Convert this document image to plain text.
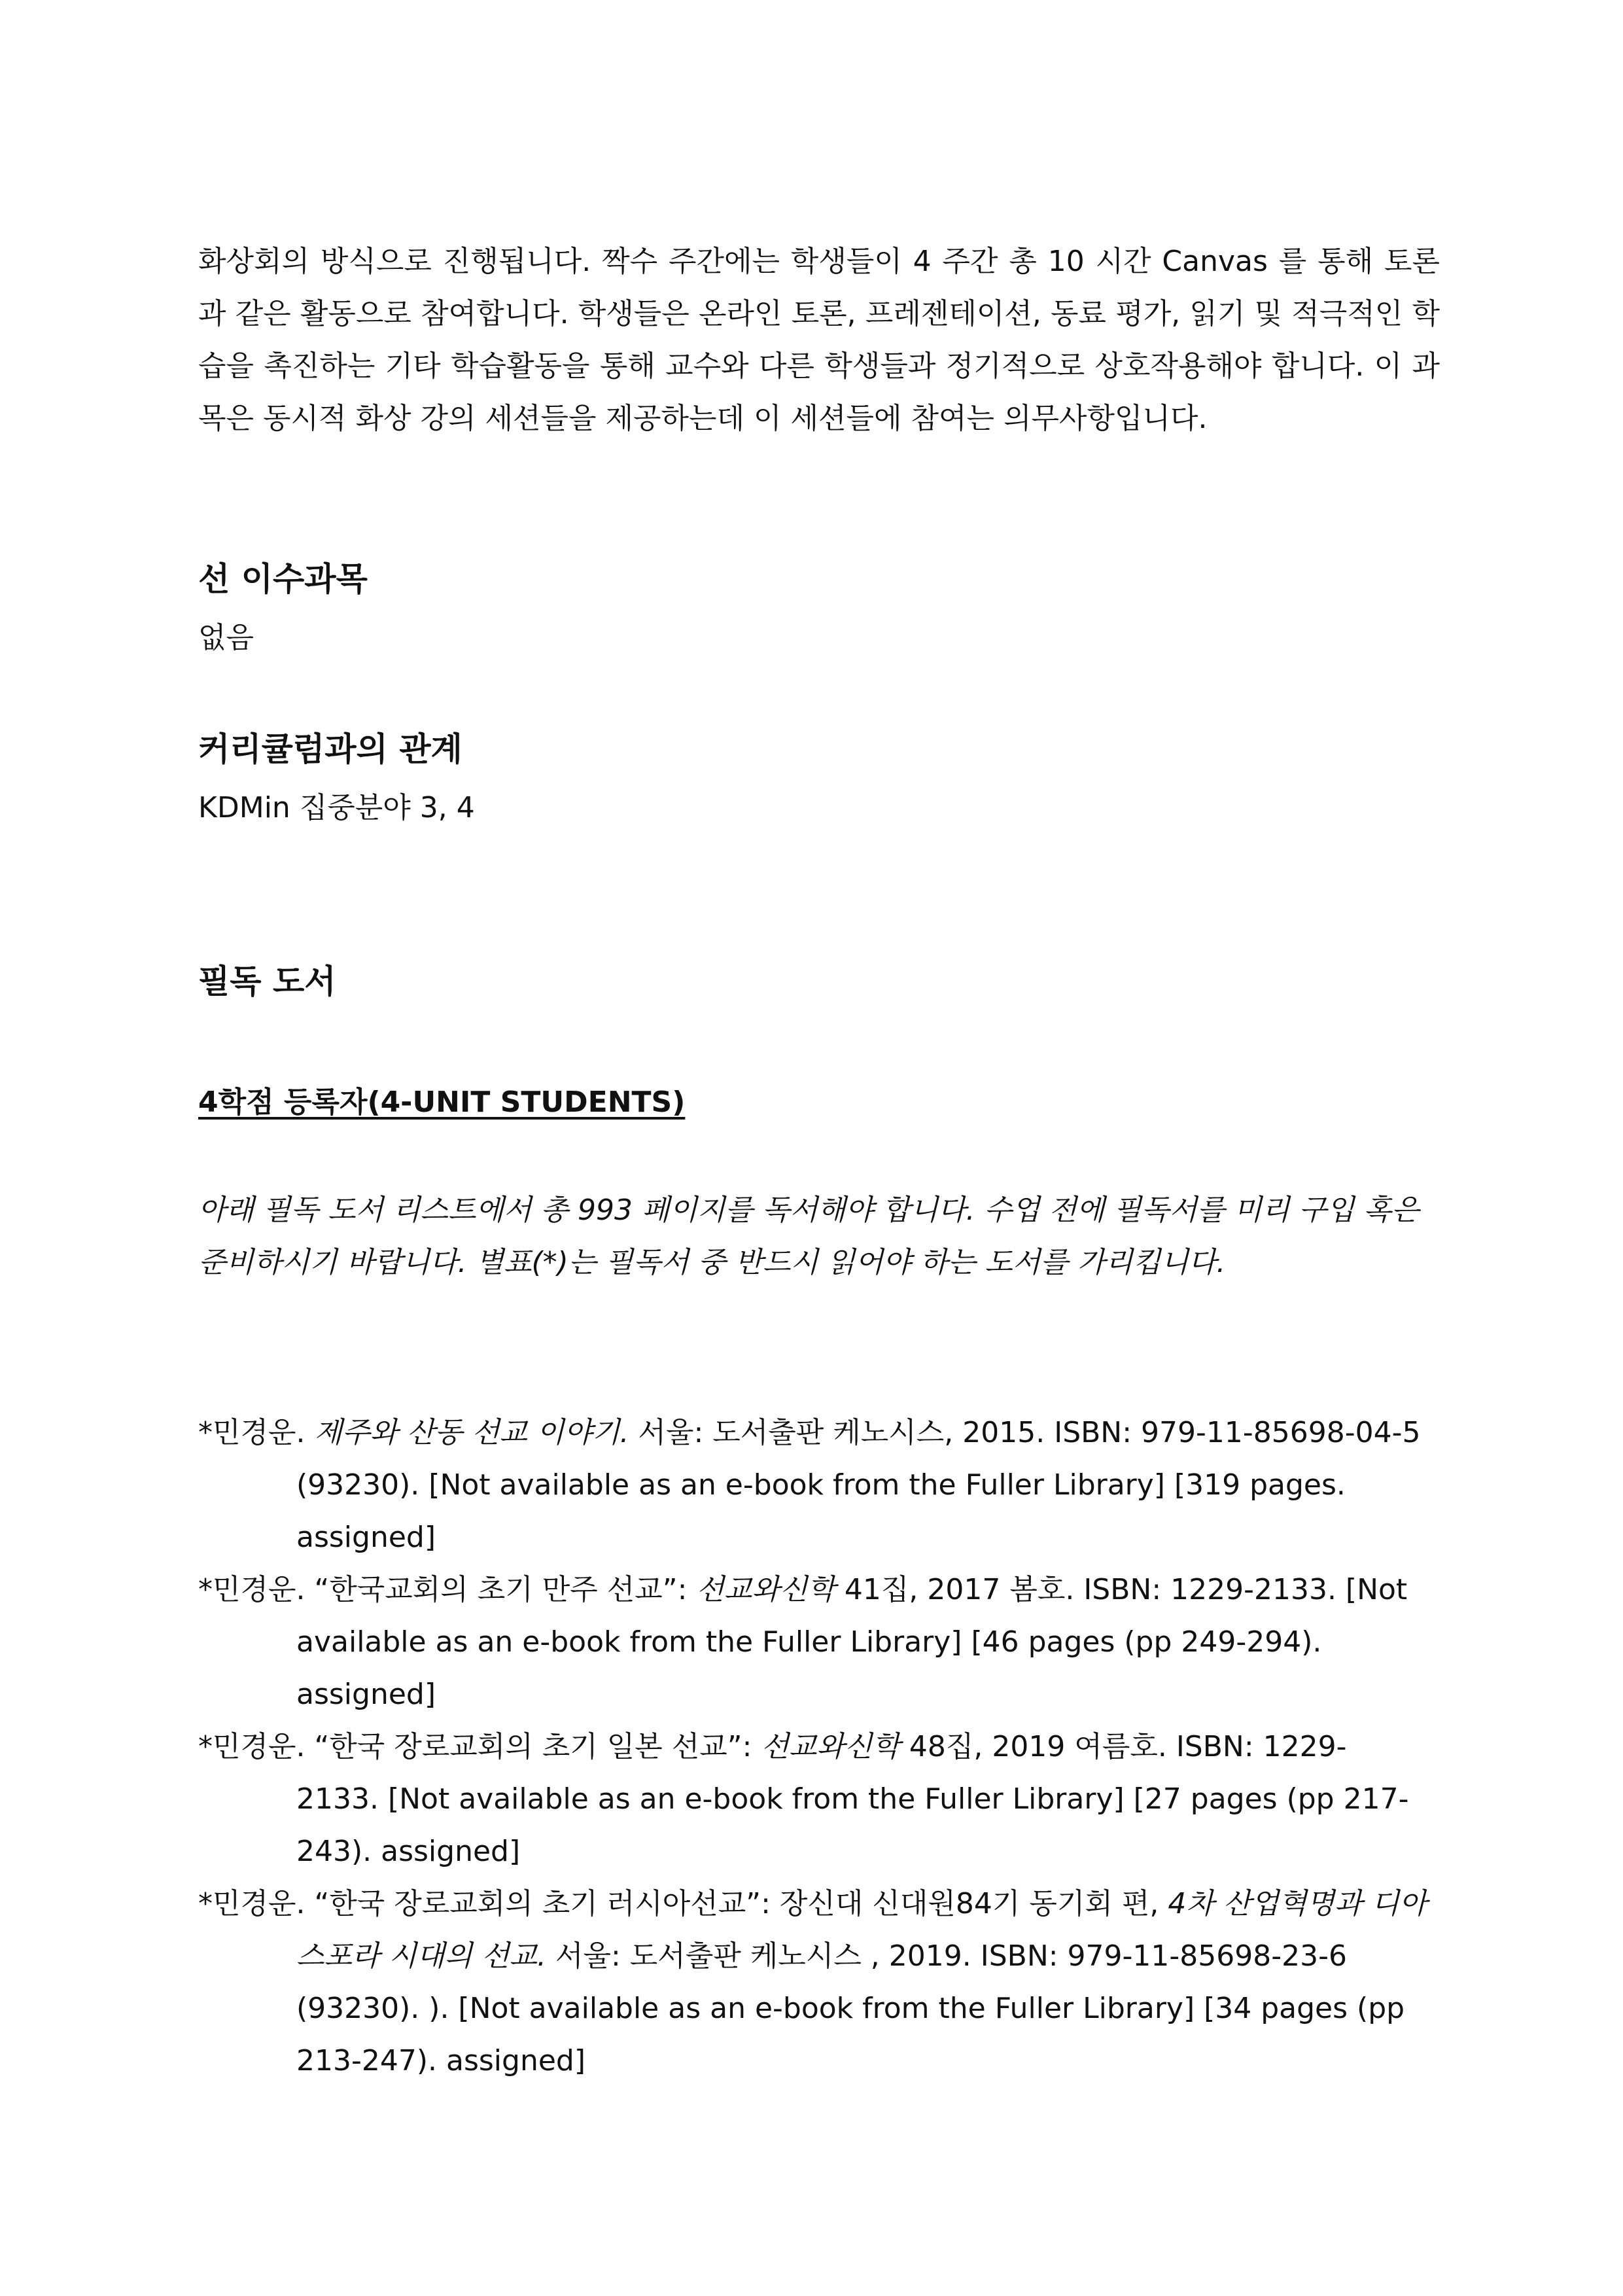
화상회의 방식으로 진행됩니다. 짝수 주간에는 학생들이 4 주간 총 10 시간 Canvas 를 통해 토론과 같은 활동으로 참여합니다. 학생들은 온라인 토론, 프레젠테이션, 동료 평가, 읽기 및 적극적인 학습을 촉진하는 기타 학습활동을 통해 교수와 다른 학생들과 정기적으로 상호작용해야 합니다. 이 과목은 동시적 화상 강의 세션들을 제공하는데 이 세션들에 참여는 의무사항입니다.

선 이수과목

없음

커리큘럼과의 관계

KDMin 집중분야 3, 4

필독 도서

4학점 등록자(4-UNIT STUDENTS)

아래 필독 도서 리스트에서 총 993 페이지를 독서해야 합니다. 수업 전에 필독서를 미리 구입 혹은 준비하시기 바랍니다. 별표(*)는 필독서 중 반드시 읽어야 하는 도서를 가리킵니다.

*민경운. 제주와 산동 선교 이야기. 서울: 도서출판 케노시스, 2015. ISBN: 979-11-85698-04-5 (93230). [Not available as an e-book from the Fuller Library] [319 pages. assigned]
*민경운. “한국교회의 초기 만주 선교”: 선교와신학 41집, 2017 봄호. ISBN: 1229-2133. [Not available as an e-book from the Fuller Library] [46 pages (pp 249-294). assigned]
*민경운. “한국 장로교회의 초기 일본 선교”: 선교와신학 48집, 2019 여름호. ISBN: 1229-2133. [Not available as an e-book from the Fuller Library] [27 pages (pp 217-243). assigned]
*민경운. “한국 장로교회의 초기 러시아선교”: 장신대 신대원84기 동기회 편, 4차 산업혁명과 디아스포라 시대의 선교. 서울: 도서출판 케노시스 , 2019. ISBN: 979-11-85698-23-6 (93230). ). [Not available as an e-book from the Fuller Library] [34 pages (pp 213-247). assigned]
